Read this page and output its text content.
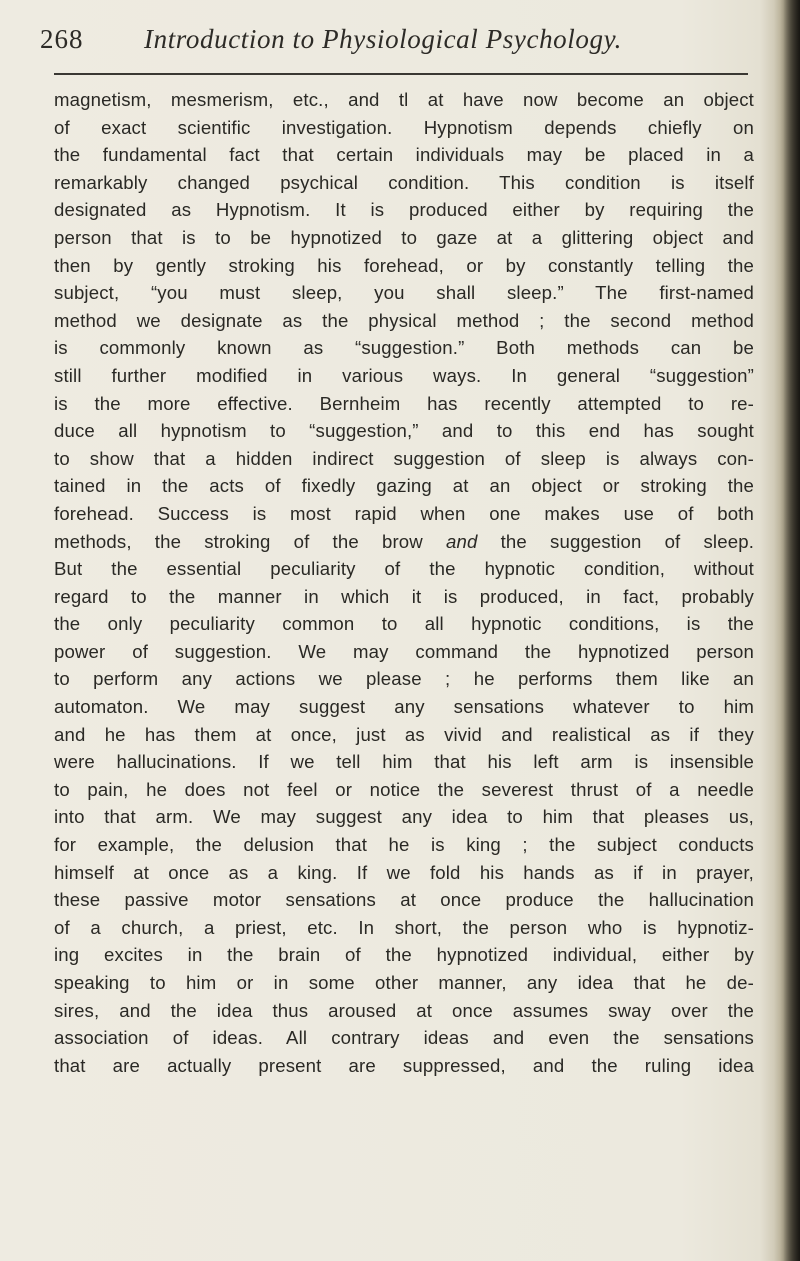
268 Introduction to Physiological Psychology.
magnetism, mesmerism, etc., and tl at have now become an object
of exact scientific investigation. Hypnotism depends chiefly on
the fundamental fact that certain individuals may be placed in a
remarkably changed psychical condition. This condition is itself
designated as Hypnotism. It is produced either by requiring the
person that is to be hypnotized to gaze at a glittering object and
then by gently stroking his forehead, or by constantly telling the
subject, “you must sleep, you shall sleep.” The first-named
method we designate as the physical method ; the second method
is commonly known as “suggestion.” Both methods can be
still further modified in various ways. In general “suggestion”
is the more effective. Bernheim has recently attempted to re-
duce all hypnotism to “suggestion,” and to this end has sought
to show that a hidden indirect suggestion of sleep is always con-
tained in the acts of fixedly gazing at an object or stroking the
forehead. Success is most rapid when one makes use of both
methods, the stroking of the brow and the suggestion of sleep.
But the essential peculiarity of the hypnotic condition, without
regard to the manner in which it is produced, in fact, probably
the only peculiarity common to all hypnotic conditions, is the
power of suggestion. We may command the hypnotized person
to perform any actions we please ; he performs them like an
automaton. We may suggest any sensations whatever to him
and he has them at once, just as vivid and realistical as if they
were hallucinations. If we tell him that his left arm is insensible
to pain, he does not feel or notice the severest thrust of a needle
into that arm. We may suggest any idea to him that pleases us,
for example, the delusion that he is king ; the subject conducts
himself at once as a king. If we fold his hands as if in prayer,
these passive motor sensations at once produce the hallucination
of a church, a priest, etc. In short, the person who is hypnotiz-
ing excites in the brain of the hypnotized individual, either by
speaking to him or in some other manner, any idea that he de-
sires, and the idea thus aroused at once assumes sway over the
association of ideas. All contrary ideas and even the sensations
that are actually present are suppressed, and the ruling idea
